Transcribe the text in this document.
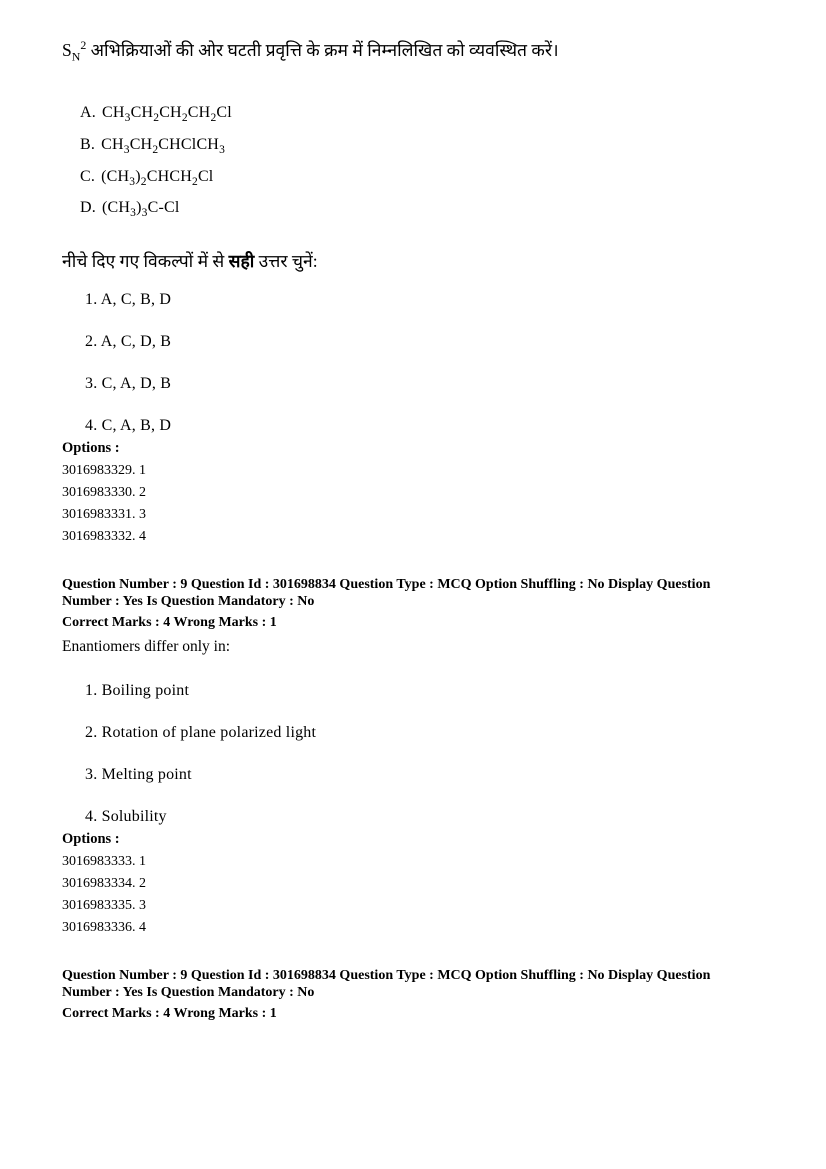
$S_N^2$ अभिक्रियाओं की ओर घटती प्रवृत्ति के क्रम में निम्नलिखित को व्यवस्थित करें।

A. $CH_3CH_2CH_2CH_2Cl$

B. $CH_3CH_2CHClCH_3$

C. $(CH_3)_2CHCH_2Cl$

D. $(CH_3)_3C-Cl$

नीचे दिए गए विकल्पों में से सही उत्तर चुनें:

1. A, C, B, D

2. A, C, D, B

3. C, A, D, B

4. C, A, B, D

Options :

3016983329. 1

3016983330. 2

3016983331. 3

3016983332. 4

Question Number : 9 Question Id : 301698834 Question Type : MCQ Option Shuffling : No Display Question

Number : Yes Is Question Mandatory : No

Correct Marks : 4 Wrong Marks : 1

Enantiomers differ only in:

1. Boiling point

2. Rotation of plane polarized light

3. Melting point

4. Solubility

Options :

3016983333. 1

3016983334. 2

3016983335. 3

3016983336. 4

Question Number : 9 Question Id : 301698834 Question Type : MCQ Option Shuffling : No Display Question

Number : Yes Is Question Mandatory : No

Correct Marks : 4 Wrong Marks : 1
